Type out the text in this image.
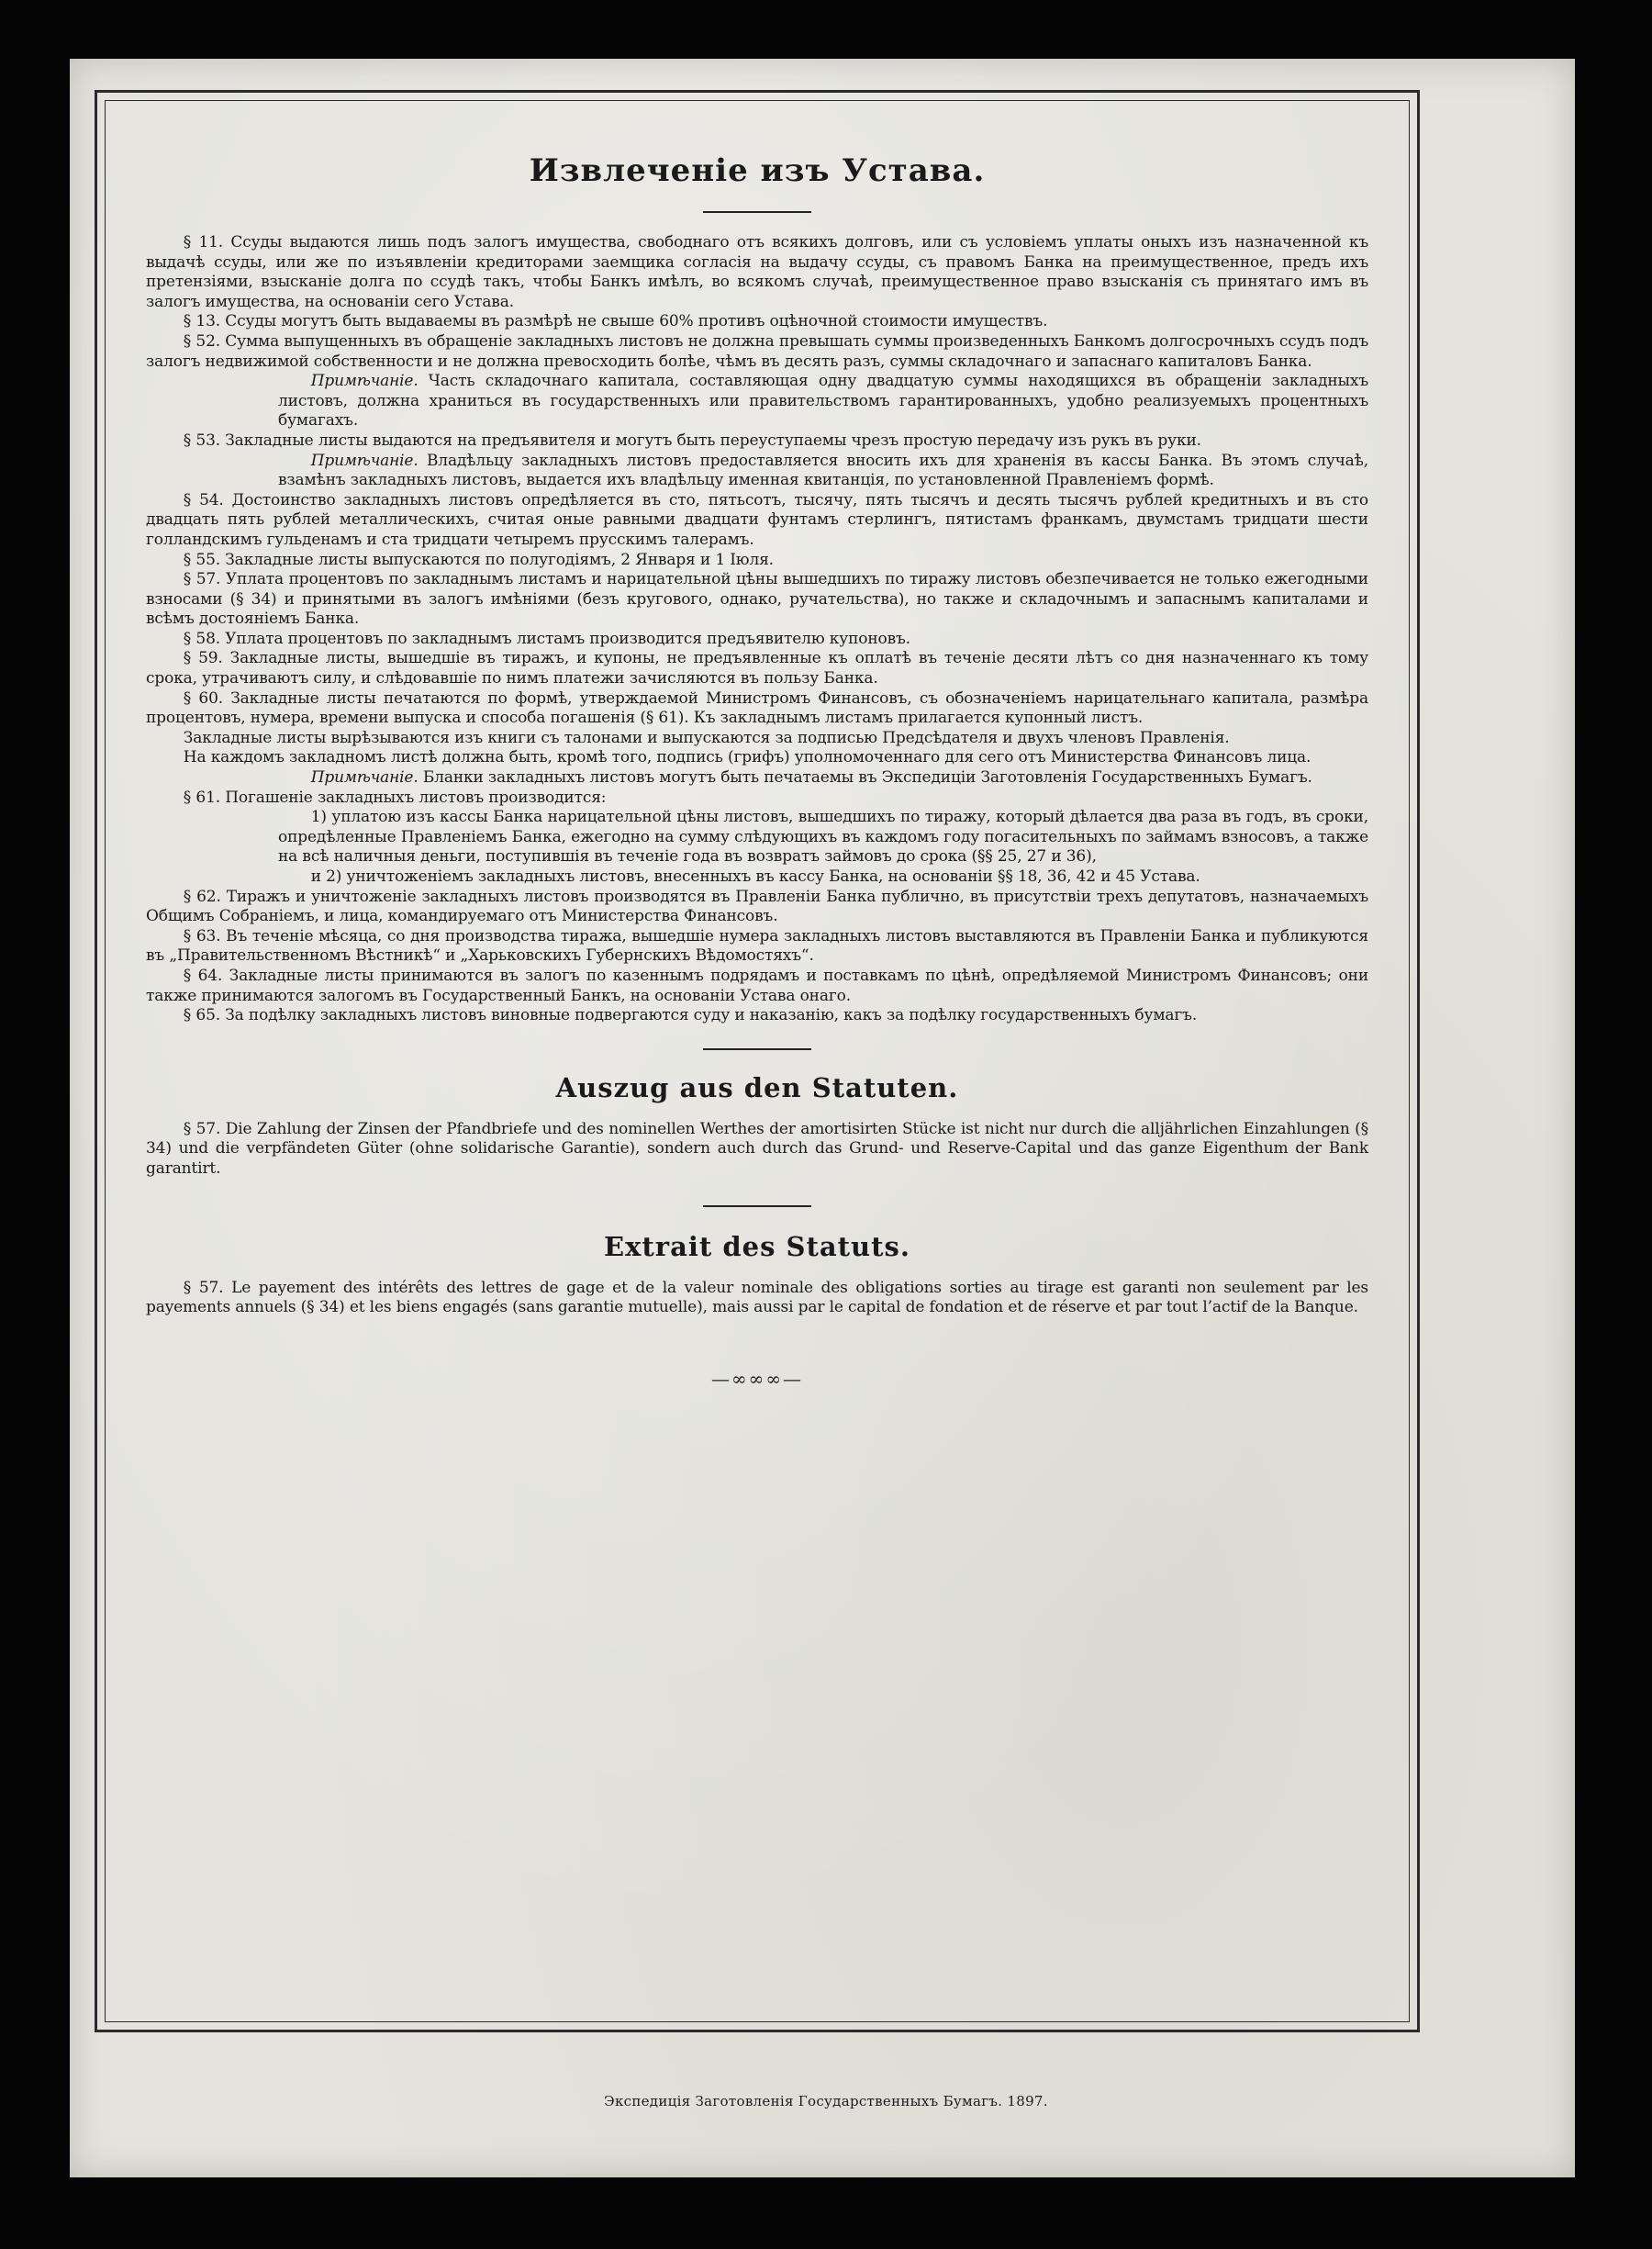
Извлеченіе изъ Устава.

§ 11. Ссуды выдаются лишь подъ залогъ имущества, свободнаго отъ всякихъ долговъ, или съ условіемъ уплаты оныхъ изъ назначенной къ выдачѣ ссуды, или же по изъявленіи кредиторами заемщика согласія на выдачу ссуды, съ правомъ Банка на преимущественное, предъ ихъ претензіями, взысканіе долга по ссудѣ такъ, чтобы Банкъ имѣлъ, во всякомъ случаѣ, преимущественное право взысканія съ принятаго имъ въ залогъ имущества, на основаніи сего Устава.

§ 13. Ссуды могутъ быть выдаваемы въ размѣрѣ не свыше 60% противъ оцѣночной стоимости имуществъ.

§ 52. Сумма выпущенныхъ въ обращеніе закладныхъ листовъ не должна превышать суммы произведенныхъ Банкомъ долгосрочныхъ ссудъ подъ залогъ недвижимой собственности и не должна превосходить болѣе, чѣмъ въ десять разъ, суммы складочнаго и запаснаго капиталовъ Банка.

Примѣчаніе. Часть складочнаго капитала, составляющая одну двадцатую суммы находящихся въ обращеніи закладныхъ листовъ, должна храниться въ государственныхъ или правительствомъ гарантированныхъ, удобно реализуемыхъ процентныхъ бумагахъ.

§ 53. Закладные листы выдаются на предъявителя и могутъ быть переуступаемы чрезъ простую передачу изъ рукъ въ руки.

Примѣчаніе. Владѣльцу закладныхъ листовъ предоставляется вносить ихъ для храненія въ кассы Банка. Въ этомъ случаѣ, взамѣнъ закладныхъ листовъ, выдается ихъ владѣльцу именная квитанція, по установленной Правленіемъ формѣ.

§ 54. Достоинство закладныхъ листовъ опредѣляется въ сто, пятьсотъ, тысячу, пять тысячъ и десять тысячъ рублей кредитныхъ и въ сто двадцать пять рублей металлическихъ, считая оные равными двадцати фунтамъ стерлингъ, пятистамъ франкамъ, двумстамъ тридцати шести голландскимъ гульденамъ и ста тридцати четыремъ прусскимъ талерамъ.

§ 55. Закладные листы выпускаются по полугодіямъ, 2 Января и 1 Іюля.

§ 57. Уплата процентовъ по закладнымъ листамъ и нарицательной цѣны вышедшихъ по тиражу листовъ обезпечивается не только ежегодными взносами (§ 34) и принятыми въ залогъ имѣніями (безъ кругового, однако, ручательства), но также и складочнымъ и запаснымъ капиталами и всѣмъ достояніемъ Банка.

§ 58. Уплата процентовъ по закладнымъ листамъ производится предъявителю купоновъ.

§ 59. Закладные листы, вышедшіе въ тиражъ, и купоны, не предъявленные къ оплатѣ въ теченіе десяти лѣтъ со дня назначеннаго къ тому срока, утрачиваютъ силу, и слѣдовавшіе по нимъ платежи зачисляются въ пользу Банка.

§ 60. Закладные листы печатаются по формѣ, утверждаемой Министромъ Финансовъ, съ обозначеніемъ нарицательнаго капитала, размѣра процентовъ, нумера, времени выпуска и способа погашенія (§ 61). Къ закладнымъ листамъ прилагается купонный листъ.

Закладные листы вырѣзываются изъ книги съ талонами и выпускаются за подписью Предсѣдателя и двухъ членовъ Правленія.

На каждомъ закладномъ листѣ должна быть, кромѣ того, подпись (грифъ) уполномоченнаго для сего отъ Министерства Финансовъ лица.

Примѣчаніе. Бланки закладныхъ листовъ могутъ быть печатаемы въ Экспедиціи Заготовленія Государственныхъ Бумагъ.

§ 61. Погашеніе закладныхъ листовъ производится:

1) уплатою изъ кассы Банка нарицательной цѣны листовъ, вышедшихъ по тиражу, который дѣлается два раза въ годъ, въ сроки, опредѣленные Правленіемъ Банка, ежегодно на сумму слѣдующихъ въ каждомъ году погасительныхъ по займамъ взносовъ, а также на всѣ наличныя деньги, поступившія въ теченіе года въ возвратъ займовъ до срока (§§ 25, 27 и 36),

и 2) уничтоженіемъ закладныхъ листовъ, внесенныхъ въ кассу Банка, на основаніи §§ 18, 36, 42 и 45 Устава.

§ 62. Тиражъ и уничтоженіе закладныхъ листовъ производятся въ Правленіи Банка публично, въ присутствіи трехъ депутатовъ, назначаемыхъ Общимъ Собраніемъ, и лица, командируемаго отъ Министерства Финансовъ.

§ 63. Въ теченіе мѣсяца, со дня производства тиража, вышедшіе нумера закладныхъ листовъ выставляются въ Правленіи Банка и публикуются въ „Правительственномъ Вѣстникѣ“ и „Харьковскихъ Губернскихъ Вѣдомостяхъ“.

§ 64. Закладные листы принимаются въ залогъ по казеннымъ подрядамъ и поставкамъ по цѣнѣ, опредѣляемой Министромъ Финансовъ; они также принимаются залогомъ въ Государственный Банкъ, на основаніи Устава онаго.

§ 65. За подѣлку закладныхъ листовъ виновные подвергаются суду и наказанію, какъ за подѣлку государственныхъ бумагъ.

Auszug aus den Statuten.

§ 57. Die Zahlung der Zinsen der Pfandbriefe und des nominellen Werthes der amortisirten Stücke ist nicht nur durch die alljährlichen Einzahlungen (§ 34) und die verpfändeten Güter (ohne solidarische Garantie), sondern auch durch das Grund- und Reserve-Capital und das ganze Eigenthum der Bank garantirt.

Extrait des Statuts.

§ 57. Le payement des intérêts des lettres de gage et de la valeur nominale des obligations sorties au tirage est garanti non seulement par les payements annuels (§ 34) et les biens engagés (sans garantie mutuelle), mais aussi par le capital de fondation et de réserve et par tout l’actif de la Banque.

—∞∞∞—
Экспедиція Заготовленія Государственныхъ Бумагъ. 1897.
